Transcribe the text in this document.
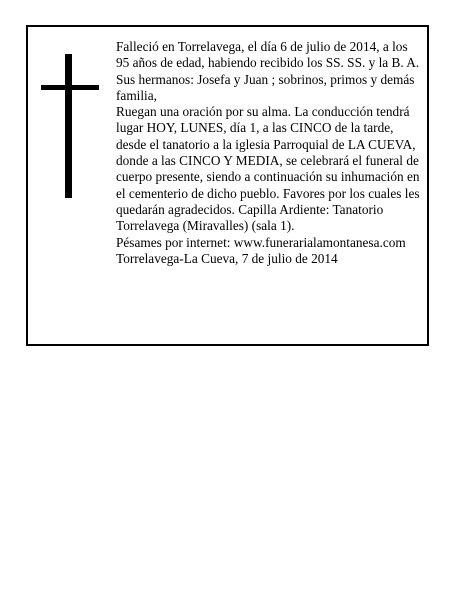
Falleció en Torrelavega, el día 6 de julio de 2014, a los 95 años de edad, habiendo recibido los SS. SS. y la B. A.

Sus hermanos: Josefa y Juan ; sobrinos, primos y demás familia,

Ruegan una oración por su alma. La conducción tendrá lugar HOY, LUNES, día 1, a las CINCO de la tarde, desde el tanatorio a la iglesia Parroquial de LA CUEVA, donde a las CINCO Y MEDIA, se celebrará el funeral de cuerpo presente, siendo a continuación su inhumación en el cementerio de dicho pueblo. Favores por los cuales les quedarán agradecidos. Capilla Ardiente: Tanatorio Torrelavega (Miravalles) (sala 1).

Pésames por internet: www.funerarialamontanesa.com

Torrelavega-La Cueva, 7 de julio de 2014
